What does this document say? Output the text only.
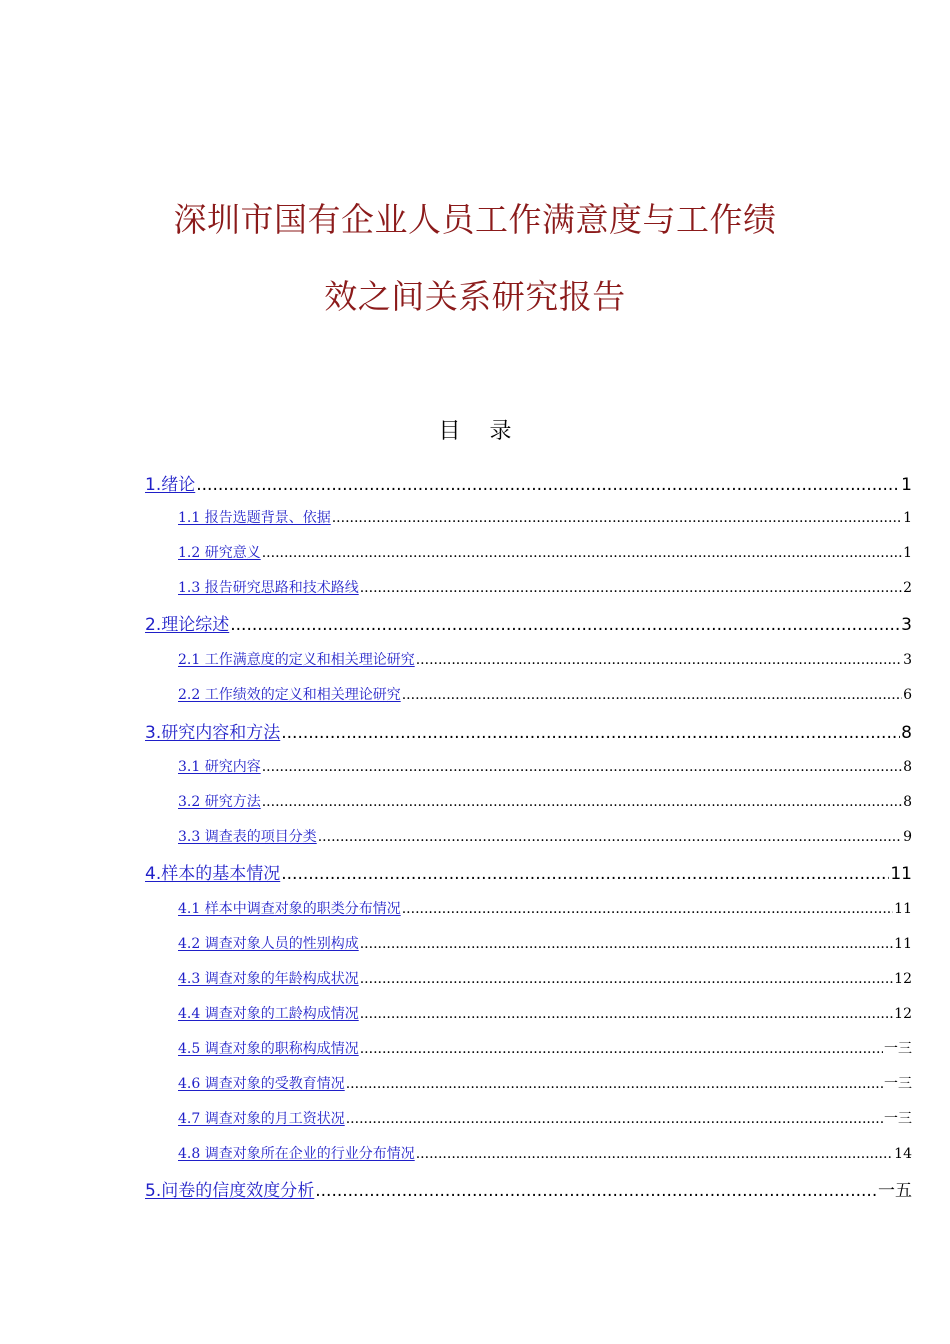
深圳市国有企业人员工作满意度与工作绩
效之间关系研究报告
目 录
1.绪论 .....	1
1.1 报告选题背景、依据 .....	1
1.2 研究意义 .....	1
1.3 报告研究思路和技术路线 .....	2
2.理论综述 .....	3
2.1 工作满意度的定义和相关理论研究 .....	3
2.2 工作绩效的定义和相关理论研究 .....	6
3.研究内容和方法 .....	8
3.1 研究内容 .....	8
3.2 研究方法 .....	8
3.3 调查表的项目分类 .....	9
4.样本的基本情况 .....	11
4.1 样本中调查对象的职类分布情况 .....	11
4.2 调查对象人员的性别构成 .....	11
4.3 调查对象的年龄构成状况 .....	12
4.4 调查对象的工龄构成情况 .....	12
4.5 调查对象的职称构成情况 .....	一三
4.6 调查对象的受教育情况 .....	一三
4.7 调查对象的月工资状况 .....	一三
4.8 调查对象所在企业的行业分布情况 .....	14
5.问卷的信度效度分析 .....	一五
